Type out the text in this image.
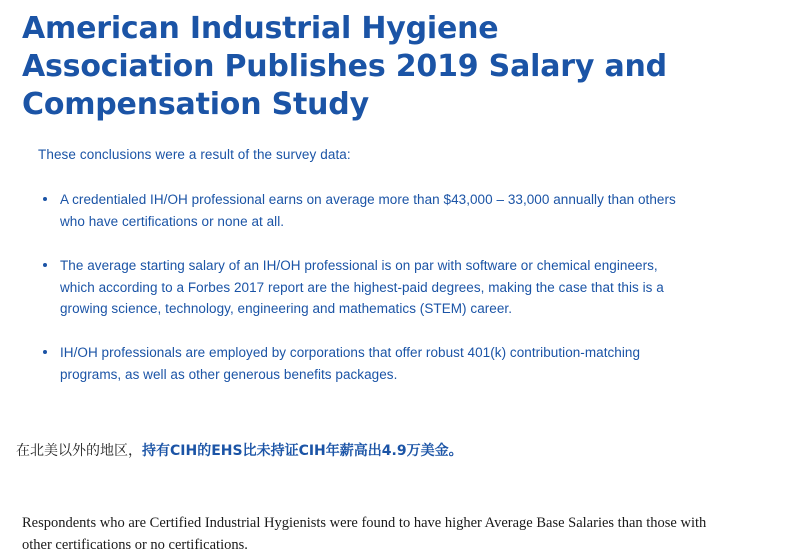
American Industrial Hygiene Association Publishes 2019 Salary and Compensation Study
These conclusions were a result of the survey data:
A credentialed IH/OH professional earns on average more than $43,000 – 33,000 annually than others who have certifications or none at all.
The average starting salary of an IH/OH professional is on par with software or chemical engineers, which according to a Forbes 2017 report are the highest-paid degrees, making the case that this is a growing science, technology, engineering and mathematics (STEM) career.
IH/OH professionals are employed by corporations that offer robust 401(k) contribution-matching programs, as well as other generous benefits packages.
在北美以外的地区，持有CIH的EHS比未持证CIH年薪高出4.9万美金。
Respondents who are Certified Industrial Hygienists were found to have higher Average Base Salaries than those with other certifications or no certifications.
